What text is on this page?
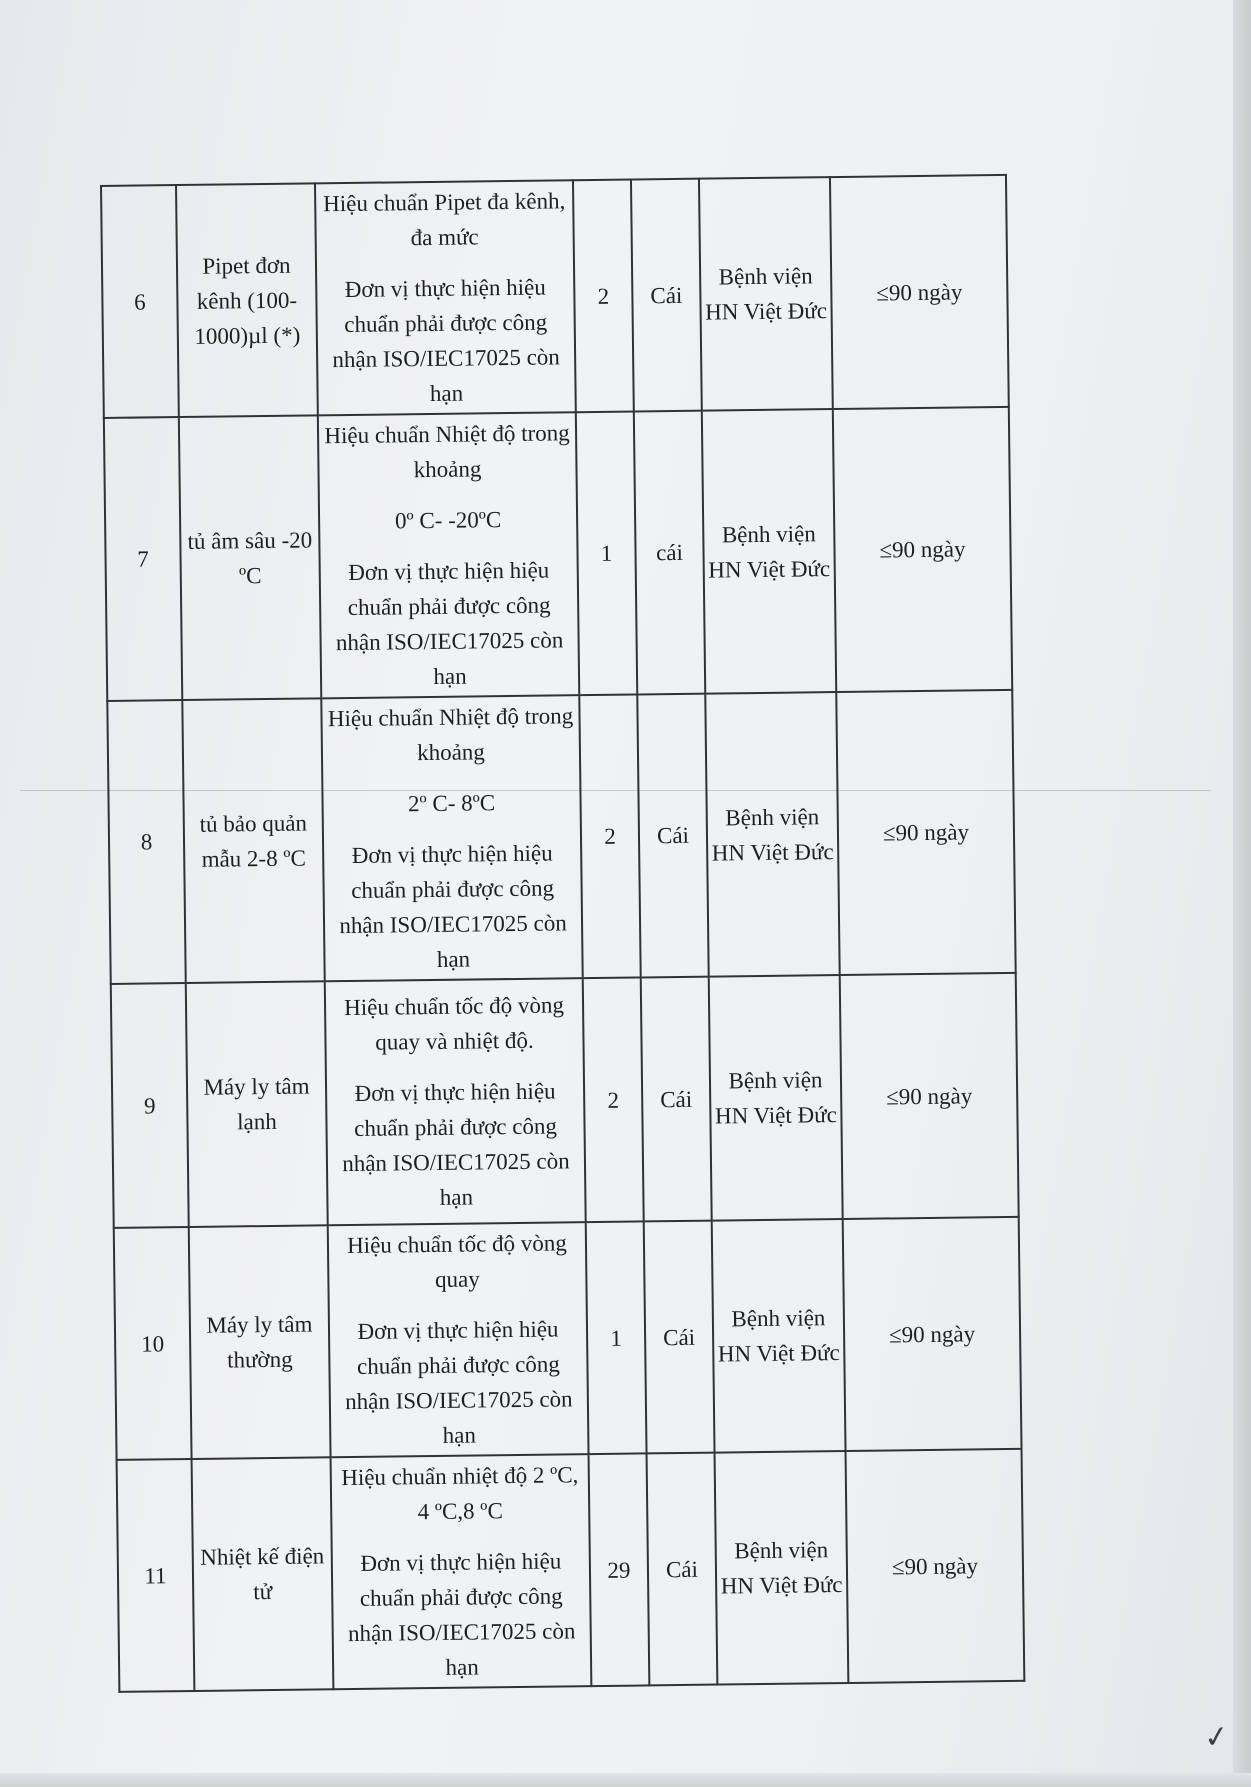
6	Pipet đơn kênh (100-1000)µl (*)	Hiệu chuẩn Pipet đa kênh, đa mức

Đơn vị thực hiện hiệu chuẩn phải được công nhận ISO/IEC17025 còn hạn	2	Cái	Bệnh viện HN Việt Đức	≤90 ngày
7	tủ âm sâu -20 ºC	Hiệu chuẩn Nhiệt độ trong khoảng

0º C- -20ºC

Đơn vị thực hiện hiệu chuẩn phải được công nhận ISO/IEC17025 còn hạn	1	cái	Bệnh viện HN Việt Đức	≤90 ngày
8	tủ bảo quản mẫu 2-8 ºC	Hiệu chuẩn Nhiệt độ trong khoảng

2º C- 8ºC

Đơn vị thực hiện hiệu chuẩn phải được công nhận ISO/IEC17025 còn hạn	2	Cái	Bệnh viện HN Việt Đức	≤90 ngày
9	Máy ly tâm lạnh	Hiệu chuẩn tốc độ vòng quay và nhiệt độ.

Đơn vị thực hiện hiệu chuẩn phải được công nhận ISO/IEC17025 còn hạn	2	Cái	Bệnh viện HN Việt Đức	≤90 ngày
10	Máy ly tâm thường	Hiệu chuẩn tốc độ vòng quay

Đơn vị thực hiện hiệu chuẩn phải được công nhận ISO/IEC17025 còn hạn	1	Cái	Bệnh viện HN Việt Đức	≤90 ngày
11	Nhiệt kế điện tử	Hiệu chuẩn nhiệt độ 2 ºC, 4 ºC,8 ºC

Đơn vị thực hiện hiệu chuẩn phải được công nhận ISO/IEC17025 còn hạn	29	Cái	Bệnh viện HN Việt Đức	≤90 ngày
✓
